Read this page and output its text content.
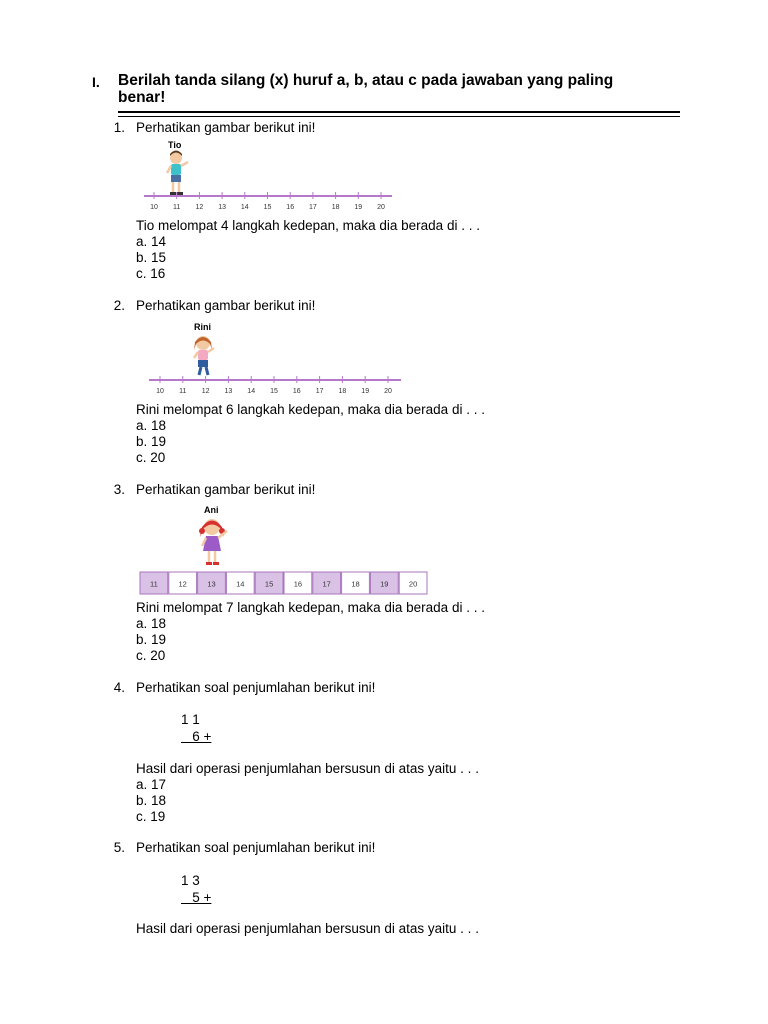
I. Berilah tanda silang (x) huruf a, b, atau c pada jawaban yang paling benar!
1. Perhatikan gambar berikut ini!
Tio
10 11 12 13 14 15 16 17 18 19 20
Tio melompat 4 langkah kedepan, maka dia berada di . . .
a. 14
b. 15
c. 16
2. Perhatikan gambar berikut ini!
Rini
10 11 12 13 14 15 16 17 18 19 20
Rini melompat 6 langkah kedepan, maka dia berada di . . .
a. 18
b. 19
c. 20
3. Perhatikan gambar berikut ini!
Ani
11	12	13	14	15	16	17	18	19	20
Rini melompat 7 langkah kedepan, maka dia berada di . . .
a. 18
b. 19
c. 20
4. Perhatikan soal penjumlahan berikut ini!
1 1
6 +
Hasil dari operasi penjumlahan bersusun di atas yaitu . . .
a. 17
b. 18
c. 19
5. Perhatikan soal penjumlahan berikut ini!
1 3
5 +
Hasil dari operasi penjumlahan bersusun di atas yaitu . . .
